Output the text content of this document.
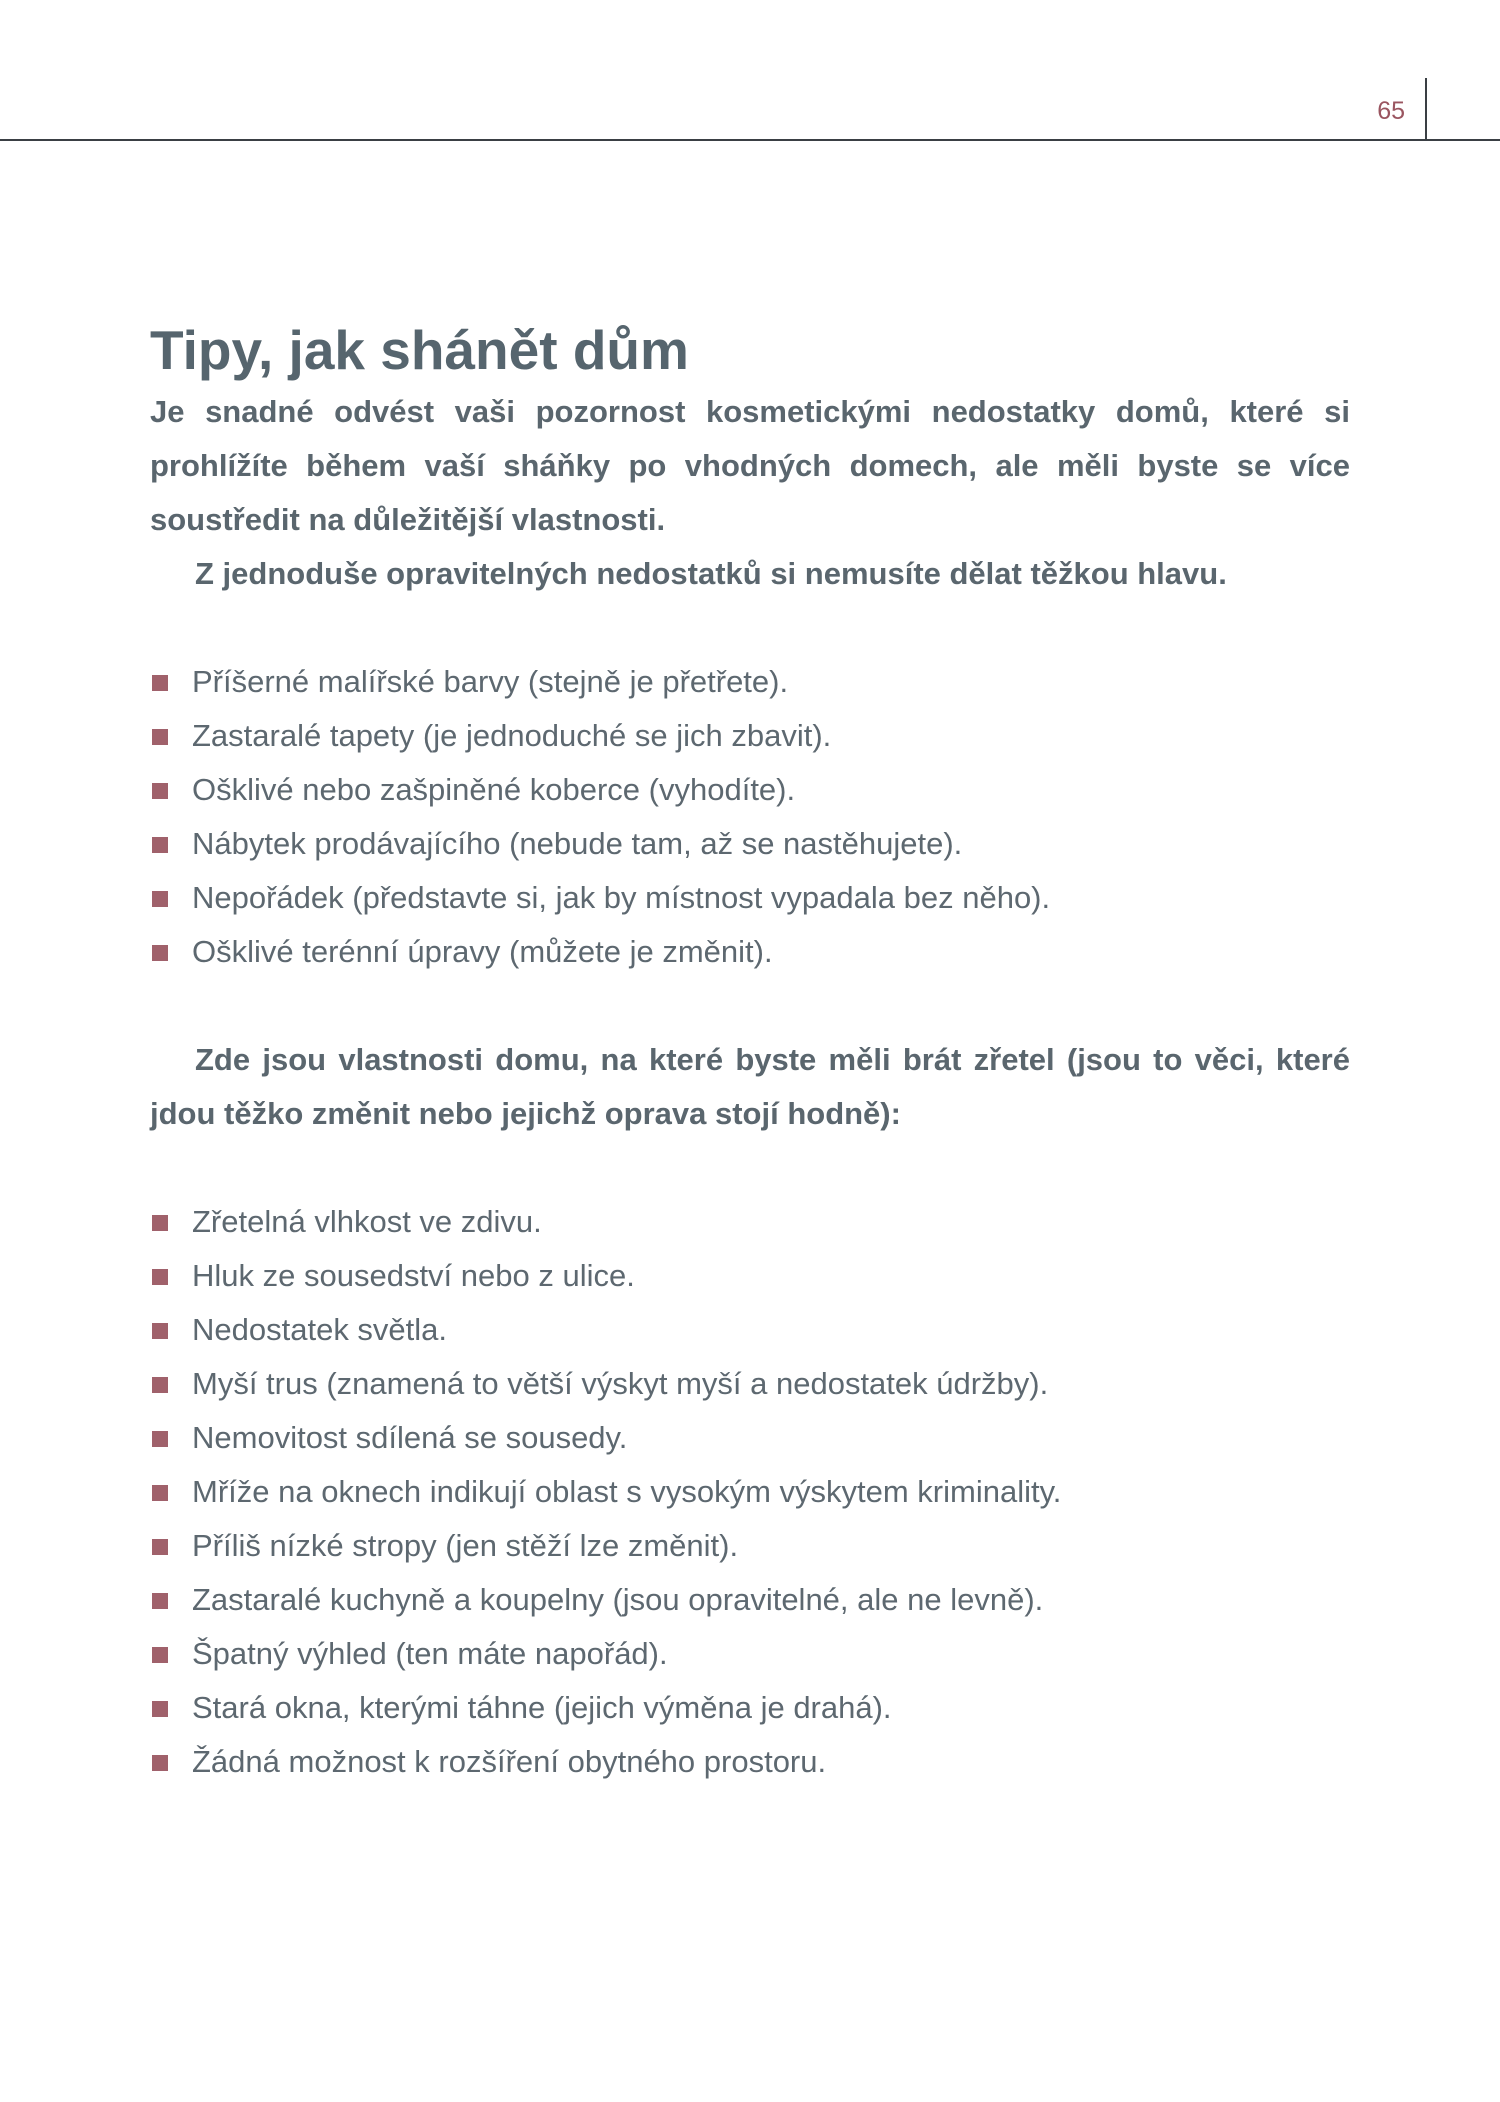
65
Tipy, jak shánět dům

Je snadné odvést vaši pozornost kosmetickými nedostatky domů, které si prohlížíte během vaší sháňky po vhodných domech, ale měli byste se více soustředit na důležitější vlastnosti.

Z jednoduše opravitelných nedostatků si nemusíte dělat těžkou hlavu.

Příšerné malířské barvy (stejně je přetřete).
Zastaralé tapety (je jednoduché se jich zbavit).
Ošklivé nebo zašpiněné koberce (vyhodíte).
Nábytek prodávajícího (nebude tam, až se nastěhujete).
Nepořádek (představte si, jak by místnost vypadala bez něho).
Ošklivé terénní úpravy (můžete je změnit).

Zde jsou vlastnosti domu, na které byste měli brát zřetel (jsou to věci, které jdou těžko změnit nebo jejichž oprava stojí hodně):

Zřetelná vlhkost ve zdivu.
Hluk ze sousedství nebo z ulice.
Nedostatek světla.
Myší trus (znamená to větší výskyt myší a nedostatek údržby).
Nemovitost sdílená se sousedy.
Mříže na oknech indikují oblast s vysokým výskytem kriminality.
Příliš nízké stropy (jen stěží lze změnit).
Zastaralé kuchyně a koupelny (jsou opravitelné, ale ne levně).
Špatný výhled (ten máte napořád).
Stará okna, kterými táhne (jejich výměna je drahá).
Žádná možnost k rozšíření obytného prostoru.
